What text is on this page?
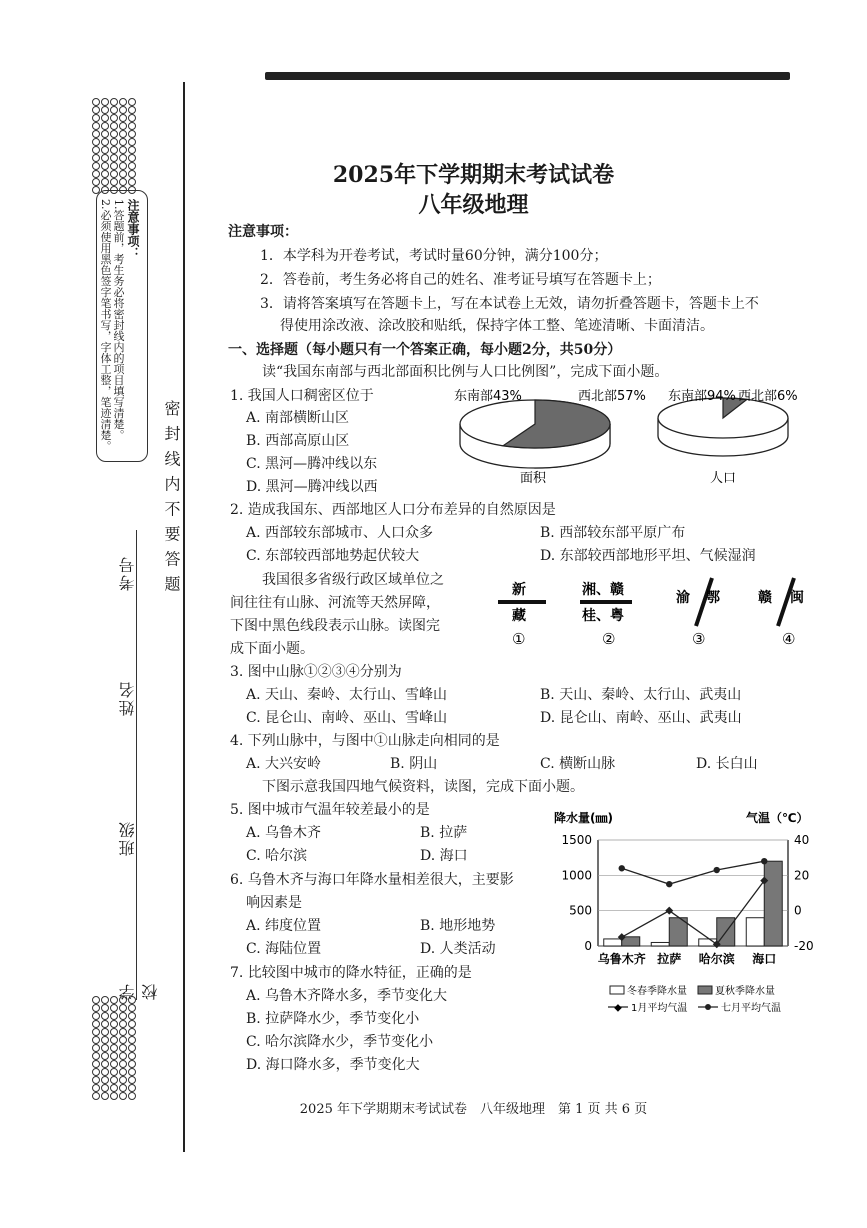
注意事项：
1.答题前，考生务必将密封线内的项目填写清楚。
2.必须使用黑色签字笔书写，字体工整，笔迹清楚。
密 封 线 内 不 要 答 题
学校
班级
姓名
考号
2025年下学期期末考试试卷
八年级地理
注意事项：
1．本学科为开卷考试，考试时量60分钟，满分100分；
2．答卷前，考生务必将自己的姓名、准考证号填写在答题卡上；
3．请将答案填写在答题卡上，写在本试卷上无效，请勿折叠答题卡，答题卡上不
得使用涂改液、涂改胶和贴纸，保持字体工整、笔迹清晰、卡面清洁。
一、选择题（每小题只有一个答案正确，每小题2分，共50分）
读“我国东南部与西北部面积比例与人口比例图”，完成下面小题。
1. 我国人口稠密区位于
A. 南部横断山区
B. 西部高原山区
C. 黑河—腾冲线以东
D. 黑河—腾冲线以西
东南部43%	西北部57%
面积
东南部94% 西北部6%
人口
2. 造成我国东、西部地区人口分布差异的自然原因是
A. 西部较东部城市、人口众多	B. 西部较东部平原广布
C. 东部较西部地势起伏较大	D. 东部较西部地形平坦、气候湿润
我国很多省级行政区域单位之
间往往有山脉、河流等天然屏障，
下图中黑色线段表示山脉。读图完
成下面小题。
新
藏
①
湘、赣
桂、粤
②
渝 鄂
③
赣 闽
④
3. 图中山脉①②③④分别为
A. 天山、秦岭、太行山、雪峰山	B. 天山、秦岭、太行山、武夷山
C. 昆仑山、南岭、巫山、雪峰山	D. 昆仑山、南岭、巫山、武夷山
4. 下列山脉中，与图中①山脉走向相同的是
A. 大兴安岭	B. 阴山	C. 横断山脉	D. 长白山
下图示意我国四地气候资料，读图，完成下面小题。
5. 图中城市气温年较差最小的是
A. 乌鲁木齐	B. 拉萨
C. 哈尔滨	D. 海口
6. 乌鲁木齐与海口年降水量相差很大，主要影
响因素是
A. 纬度位置	B. 地形地势
C. 海陆位置	D. 人类活动
7. 比较图中城市的降水特征，正确的是
A. 乌鲁木齐降水多，季节变化大
B. 拉萨降水少，季节变化小
C. 哈尔滨降水少，季节变化小
D. 海口降水多，季节变化大
降水量(㎜)	气温（℃）
0
500
1000
1500
-20
0
20
40
乌鲁木齐 拉萨 哈尔滨 海口
冬春季降水量	夏秋季降水量
◆ 1月平均气温	七月平均气温
2025 年下学期期末考试试卷　八年级地理　第 1 页 共 6 页
